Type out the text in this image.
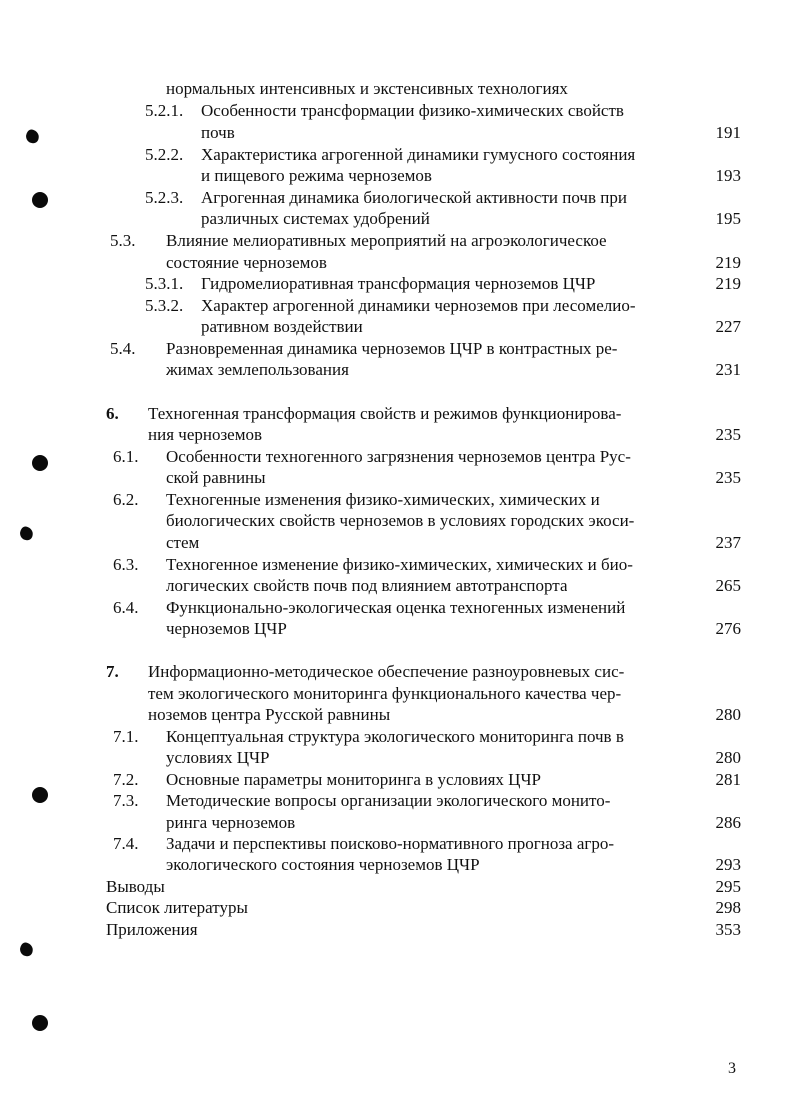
нормальных интенсивных и экстенсивных технологиях
5.2.1. Особенности трансформации физико-химических свойств
почв	191
5.2.2. Характеристика агрогенной динамики гумусного состояния
и пищевого режима черноземов	193
5.2.3. Агрогенная динамика биологической активности почв при
различных системах удобрений	195
5.3. Влияние мелиоративных мероприятий на агроэкологическое
состояние черноземов	219
5.3.1. Гидромелиоративная трансформация черноземов ЦЧР	219
5.3.2. Характер агрогенной динамики черноземов при лесомелио-
ративном воздействии	227
5.4. Разновременная динамика черноземов ЦЧР в контрастных ре-
жимах землепользования	231
6. Техногенная трансформация свойств и режимов функционирова-
ния черноземов	235
6.1. Особенности техногенного загрязнения черноземов центра Рус-
ской равнины	235
6.2. Техногенные изменения физико-химических, химических и
биологических свойств черноземов в условиях городских экоси-
стем	237
6.3. Техногенное изменение физико-химических, химических и био-
логических свойств почв под влиянием автотранспорта	265
6.4. Функционально-экологическая оценка техногенных изменений
черноземов ЦЧР	276
7. Информационно-методическое обеспечение разноуровневых сис-
тем экологического мониторинга функционального качества чер-
ноземов центра Русской равнины	280
7.1. Концептуальная структура экологического мониторинга почв в
условиях ЦЧР	280
7.2. Основные параметры мониторинга в условиях ЦЧР	281
7.3. Методические вопросы организации экологического монито-
ринга черноземов	286
7.4. Задачи и перспективы поисково-нормативного прогноза агро-
экологического состояния черноземов ЦЧР	293
Выводы	295
Список литературы	298
Приложения	353
3
